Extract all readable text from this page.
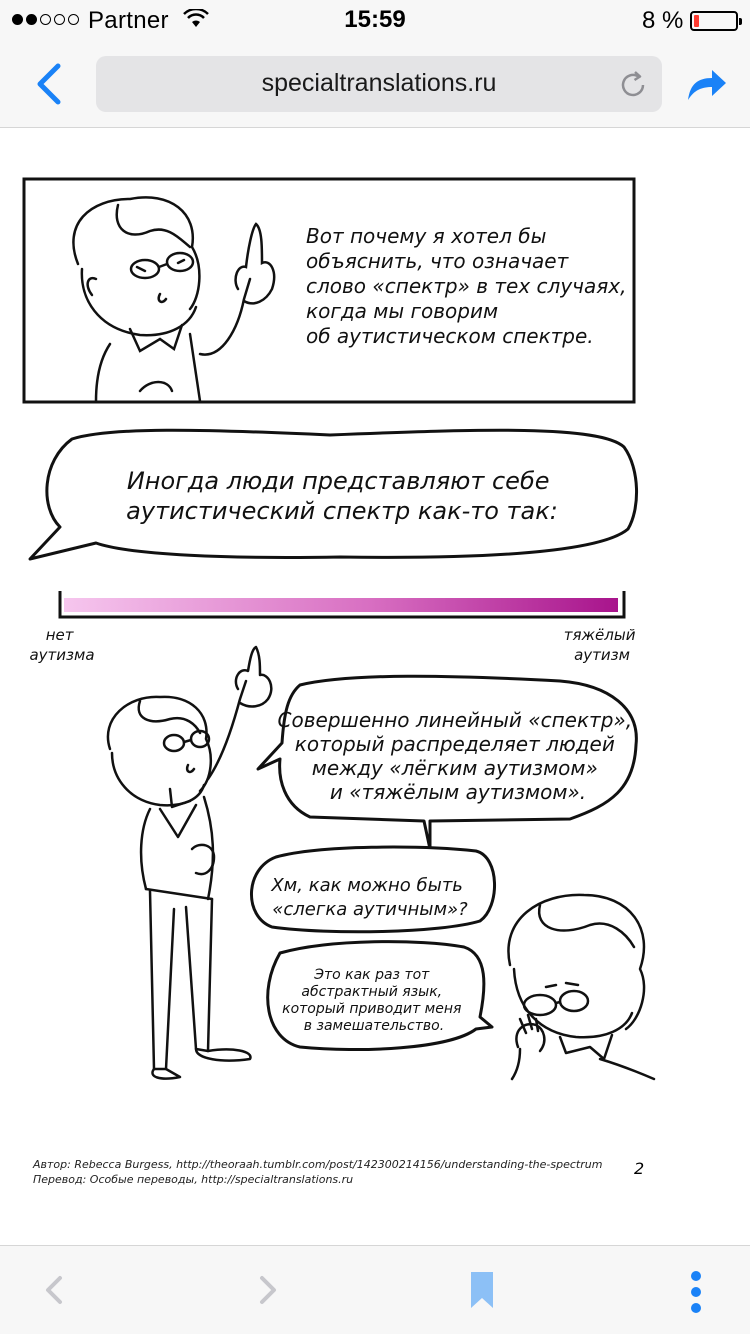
Partner	15:59	8 %
specialtranslations.ru
Вот почему я хотел бы объяснить, что означает слово «спектр» в тех случаях, когда мы говорим об аутистическом спектре.
Иногда люди представляют себе аутистический спектр как-то так:
нет аутизма
тяжёлый аутизм
Совершенно линейный «спектр», который распределяет людей между «лёгким аутизмом» и «тяжёлым аутизмом».
Хм, как можно быть «слегка аутичным»?
Это как раз тот абстрактный язык, который приводит меня в замешательство.
Автор: Rebecca Burgess, http://theoraah.tumblr.com/post/142300214156/understanding-the-spectrum
Перевод: Особые переводы, http://specialtranslations.ru
2
